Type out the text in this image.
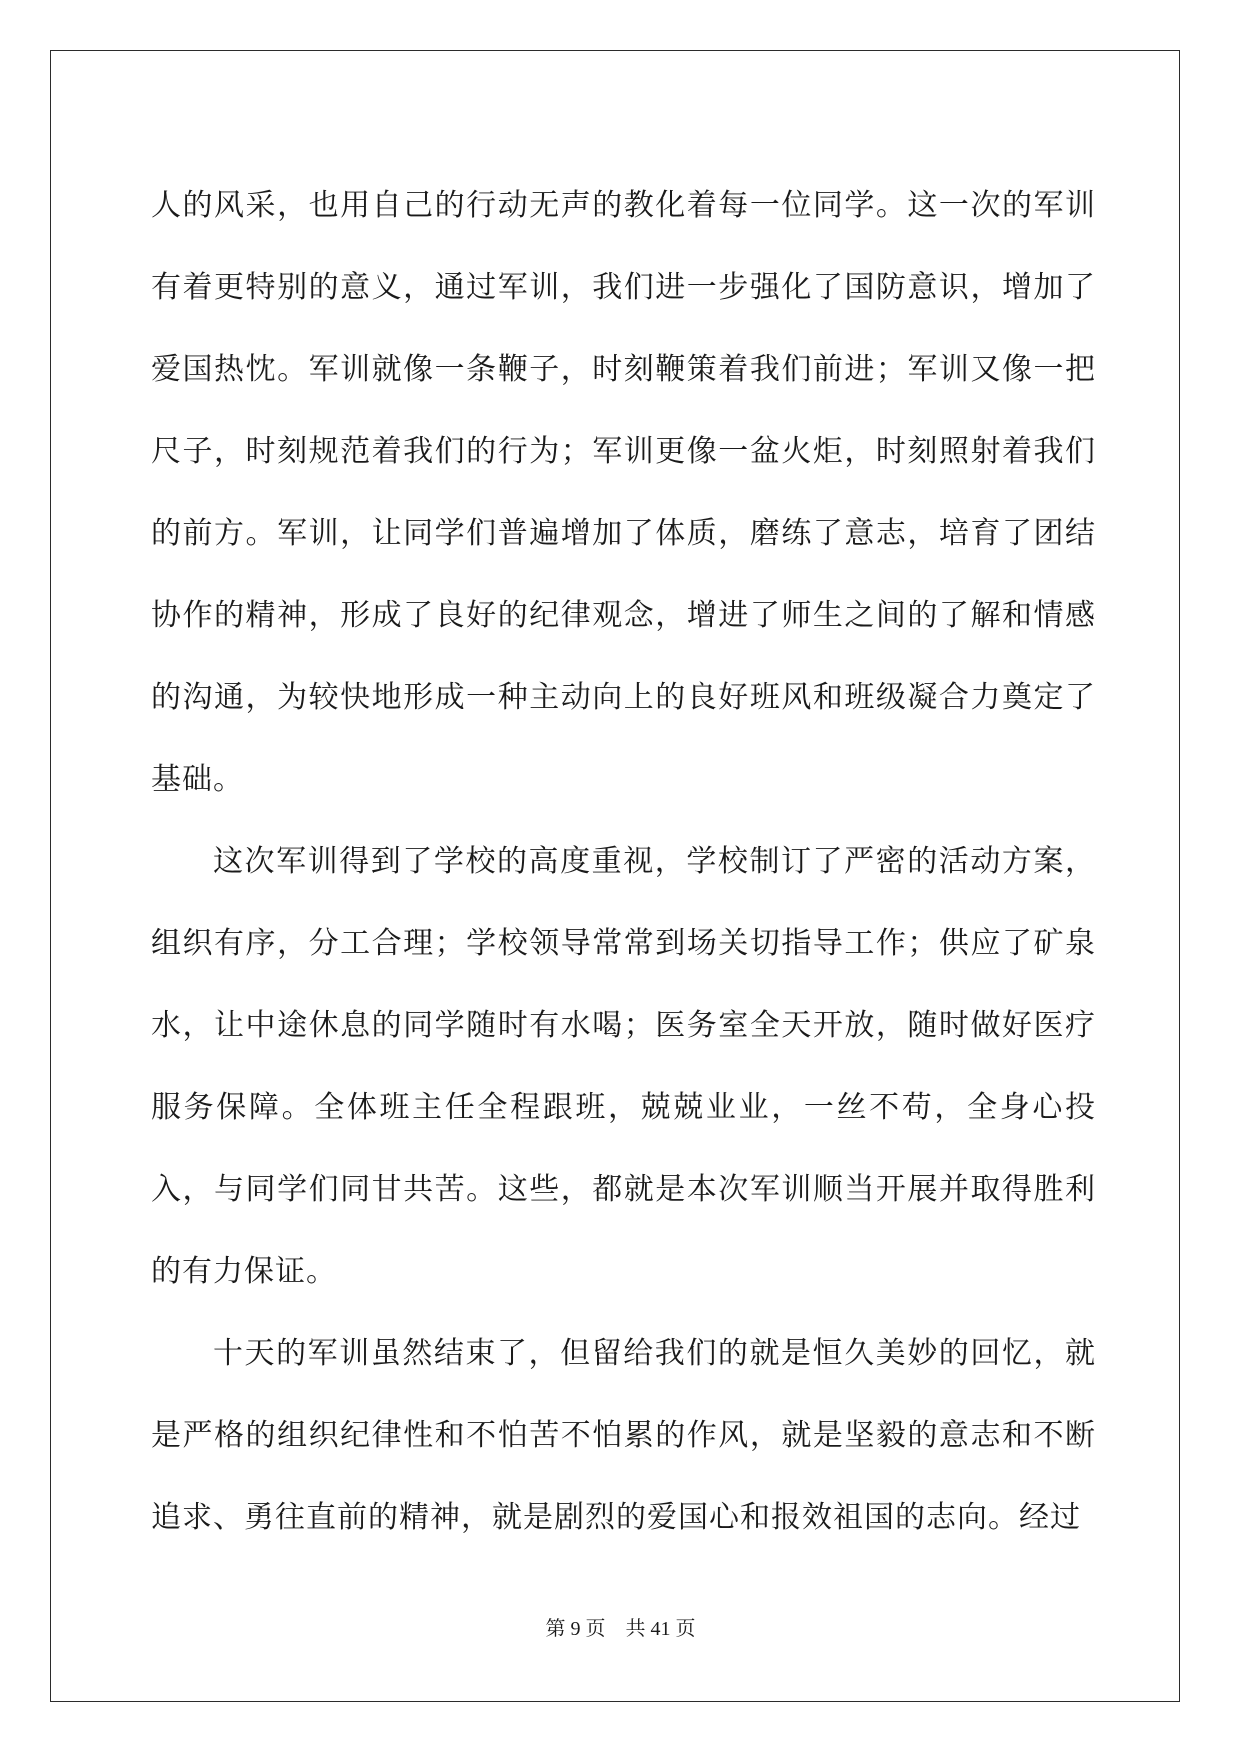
人的风采，也用自己的行动无声的教化着每一位同学。这一次的军训有着更特别的意义，通过军训，我们进一步强化了国防意识，增加了爱国热忱。军训就像一条鞭子，时刻鞭策着我们前进；军训又像一把尺子，时刻规范着我们的行为；军训更像一盆火炬，时刻照射着我们的前方。军训，让同学们普遍增加了体质，磨练了意志，培育了团结协作的精神，形成了良好的纪律观念，增进了师生之间的了解和情感的沟通，为较快地形成一种主动向上的良好班风和班级凝合力奠定了基础。

这次军训得到了学校的高度重视，学校制订了严密的活动方案，组织有序，分工合理；学校领导常常到场关切指导工作；供应了矿泉水，让中途休息的同学随时有水喝；医务室全天开放，随时做好医疗服务保障。全体班主任全程跟班，兢兢业业，一丝不苟，全身心投入，与同学们同甘共苦。这些，都就是本次军训顺当开展并取得胜利的有力保证。

十天的军训虽然结束了，但留给我们的就是恒久美妙的回忆，就是严格的组织纪律性和不怕苦不怕累的作风，就是坚毅的意志和不断追求、勇往直前的精神，就是剧烈的爱国心和报效祖国的志向。经过

第 9 页 共 41 页
